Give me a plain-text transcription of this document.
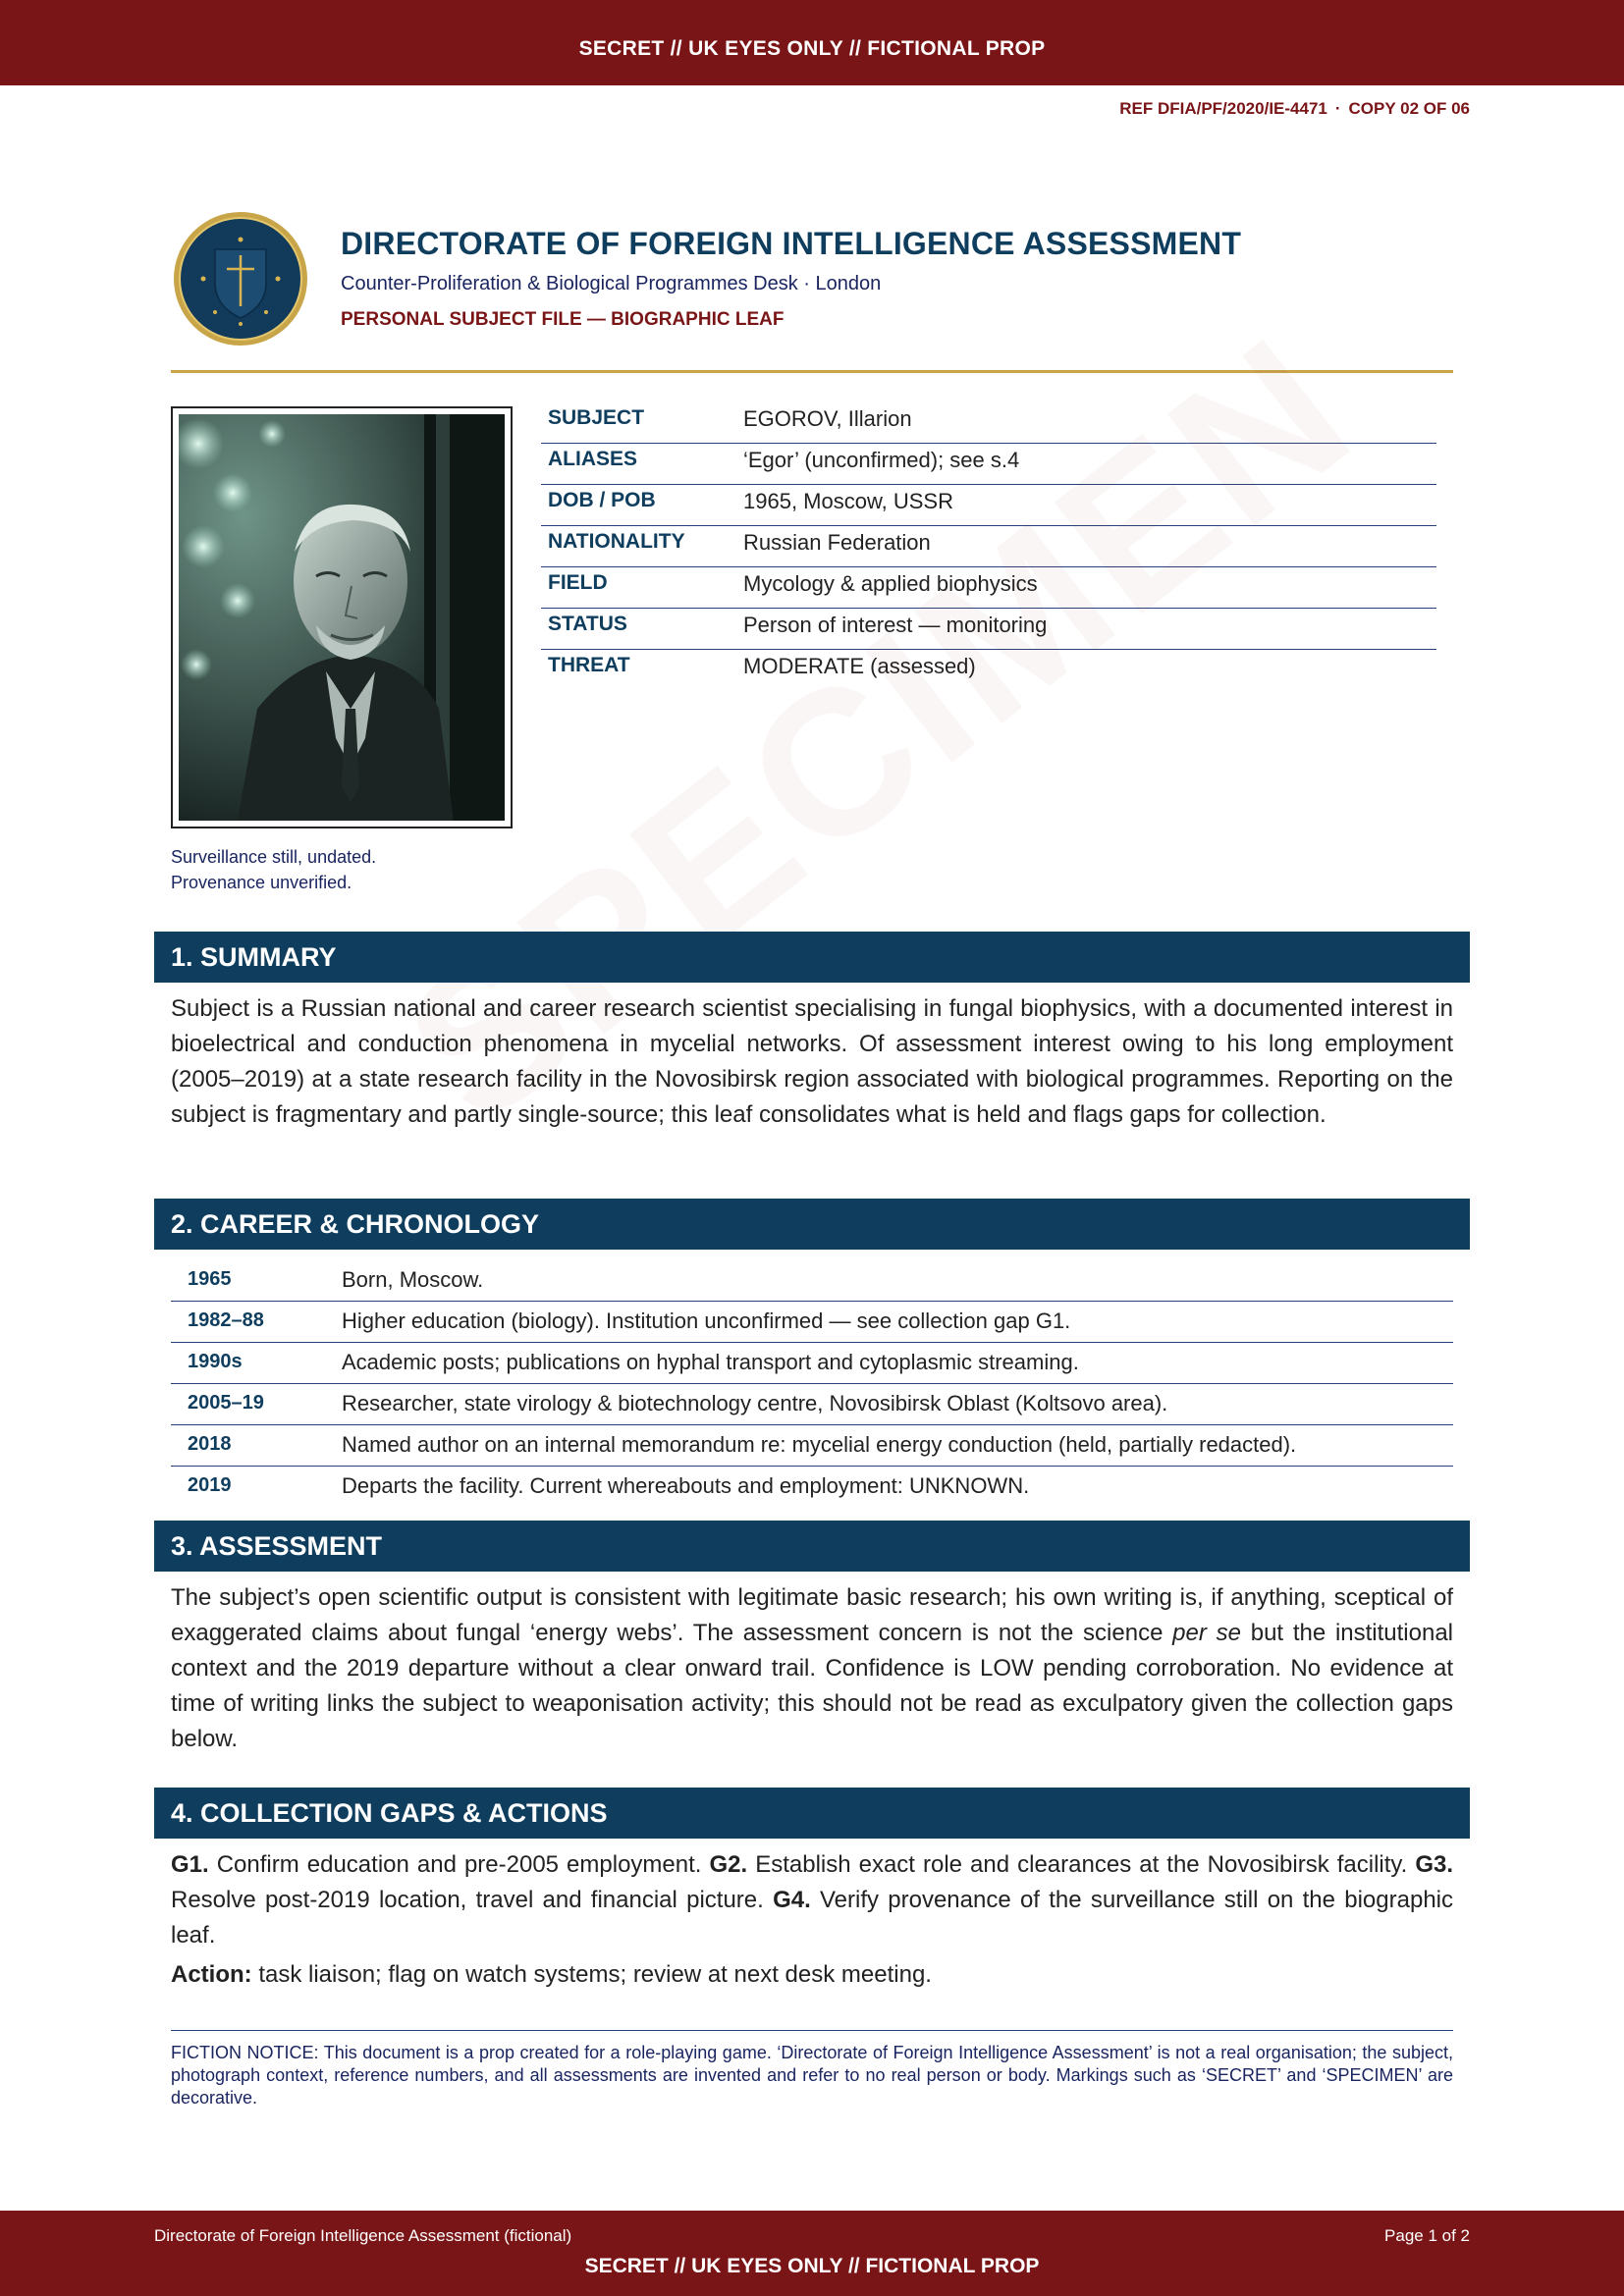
SECRET // UK EYES ONLY // FICTIONAL PROP
REF DFIA/PF/2020/IE-4471 · COPY 02 OF 06
DIRECTORATE OF FOREIGN INTELLIGENCE ASSESSMENT
Counter-Proliferation & Biological Programmes Desk · London
PERSONAL SUBJECT FILE — BIOGRAPHIC LEAF
Surveillance still, undated.
Provenance unverified.
SUBJECT	EGOROV, Illarion
ALIASES	‘Egor’ (unconfirmed); see s.4
DOB / POB	1965, Moscow, USSR
NATIONALITY	Russian Federation
FIELD	Mycology & applied biophysics
STATUS	Person of interest — monitoring
THREAT	MODERATE (assessed)
1. SUMMARY
Subject is a Russian national and career research scientist specialising in fungal biophysics, with a documented interest in bioelectrical and conduction phenomena in mycelial networks. Of assessment interest owing to his long employment (2005–2019) at a state research facility in the Novosibirsk region associated with biological programmes. Reporting on the subject is fragmentary and partly single-source; this leaf consolidates what is held and flags gaps for collection.
2. CAREER & CHRONOLOGY
1965	Born, Moscow.
1982–88	Higher education (biology). Institution unconfirmed — see collection gap G1.
1990s	Academic posts; publications on hyphal transport and cytoplasmic streaming.
2005–19	Researcher, state virology & biotechnology centre, Novosibirsk Oblast (Koltsovo area).
2018	Named author on an internal memorandum re: mycelial energy conduction (held, partially redacted).
2019	Departs the facility. Current whereabouts and employment: UNKNOWN.
3. ASSESSMENT
The subject’s open scientific output is consistent with legitimate basic research; his own writing is, if anything, sceptical of exaggerated claims about fungal ‘energy webs’. The assessment concern is not the science per se but the institutional context and the 2019 departure without a clear onward trail. Confidence is LOW pending corroboration. No evidence at time of writing links the subject to weaponisation activity; this should not be read as exculpatory given the collection gaps below.
4. COLLECTION GAPS & ACTIONS
G1. Confirm education and pre-2005 employment. G2. Establish exact role and clearances at the Novosibirsk facility. G3. Resolve post-2019 location, travel and financial picture. G4. Verify provenance of the surveillance still on the biographic leaf.
Action: task liaison; flag on watch systems; review at next desk meeting.
FICTION NOTICE: This document is a prop created for a role-playing game. ‘Directorate of Foreign Intelligence Assessment’ is not a real organisation; the subject, photograph context, reference numbers, and all assessments are invented and refer to no real person or body. Markings such as ‘SECRET’ and ‘SPECIMEN’ are decorative.
Directorate of Foreign Intelligence Assessment (fictional)	Page 1 of 2
SECRET // UK EYES ONLY // FICTIONAL PROP
